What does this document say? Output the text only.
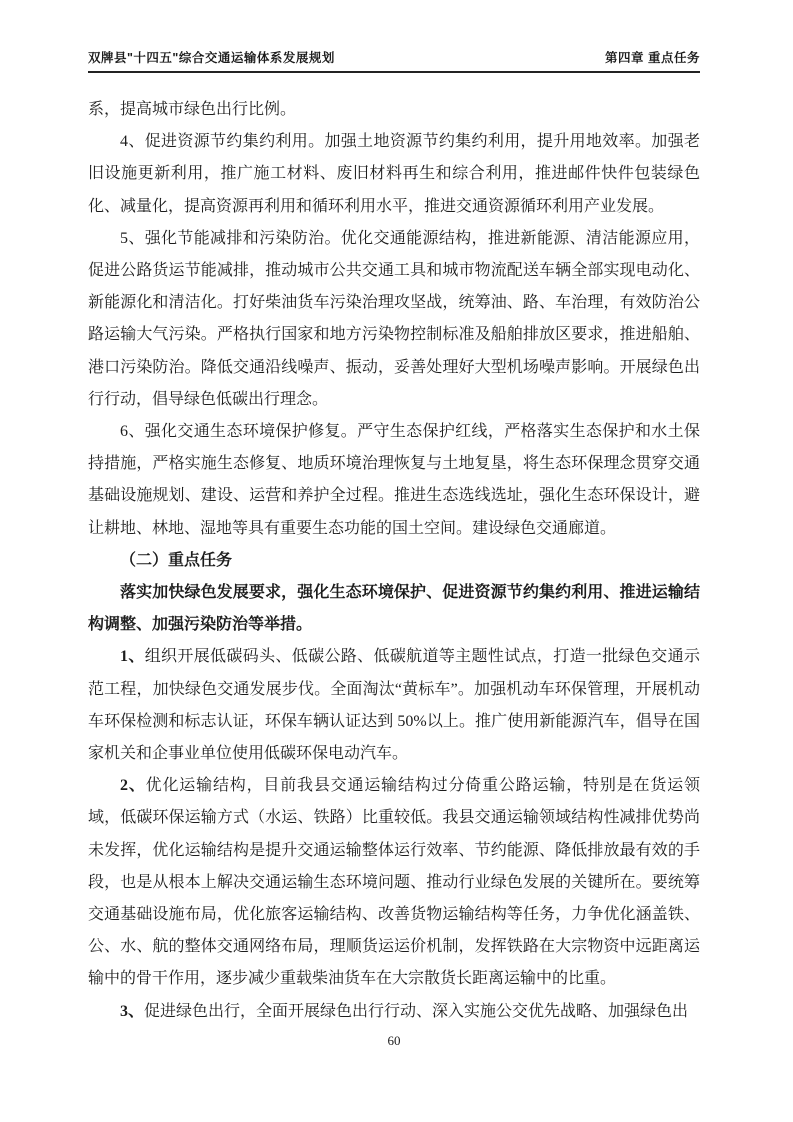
双牌县"十四五"综合交通运输体系发展规划	第四章 重点任务

系，提高城市绿色出行比例。

4、促进资源节约集约利用。加强土地资源节约集约利用，提升用地效率。加强老旧设施更新利用，推广施工材料、废旧材料再生和综合利用，推进邮件快件包装绿色化、减量化，提高资源再利用和循环利用水平，推进交通资源循环利用产业发展。

5、强化节能减排和污染防治。优化交通能源结构，推进新能源、清洁能源应用，促进公路货运节能减排，推动城市公共交通工具和城市物流配送车辆全部实现电动化、新能源化和清洁化。打好柴油货车污染治理攻坚战，统筹油、路、车治理，有效防治公路运输大气污染。严格执行国家和地方污染物控制标准及船舶排放区要求，推进船舶、港口污染防治。降低交通沿线噪声、振动，妥善处理好大型机场噪声影响。开展绿色出行行动，倡导绿色低碳出行理念。

6、强化交通生态环境保护修复。严守生态保护红线，严格落实生态保护和水土保持措施，严格实施生态修复、地质环境治理恢复与土地复垦，将生态环保理念贯穿交通基础设施规划、建设、运营和养护全过程。推进生态选线选址，强化生态环保设计，避让耕地、林地、湿地等具有重要生态功能的国土空间。建设绿色交通廊道。

（二）重点任务

落实加快绿色发展要求，强化生态环境保护、促进资源节约集约利用、推进运输结构调整、加强污染防治等举措。

1、组织开展低碳码头、低碳公路、低碳航道等主题性试点，打造一批绿色交通示范工程，加快绿色交通发展步伐。全面淘汰“黄标车”。加强机动车环保管理，开展机动车环保检测和标志认证，环保车辆认证达到 50%以上。推广使用新能源汽车，倡导在国家机关和企事业单位使用低碳环保电动汽车。

2、优化运输结构，目前我县交通运输结构过分倚重公路运输，特别是在货运领域，低碳环保运输方式（水运、铁路）比重较低。我县交通运输领域结构性减排优势尚未发挥，优化运输结构是提升交通运输整体运行效率、节约能源、降低排放最有效的手段，也是从根本上解决交通运输生态环境问题、推动行业绿色发展的关键所在。要统筹交通基础设施布局，优化旅客运输结构、改善货物运输结构等任务，力争优化涵盖铁、公、水、航的整体交通网络布局，理顺货运运价机制，发挥铁路在大宗物资中远距离运输中的骨干作用，逐步减少重载柴油货车在大宗散货长距离运输中的比重。

3、促进绿色出行，全面开展绿色出行行动、深入实施公交优先战略、加强绿色出

60
